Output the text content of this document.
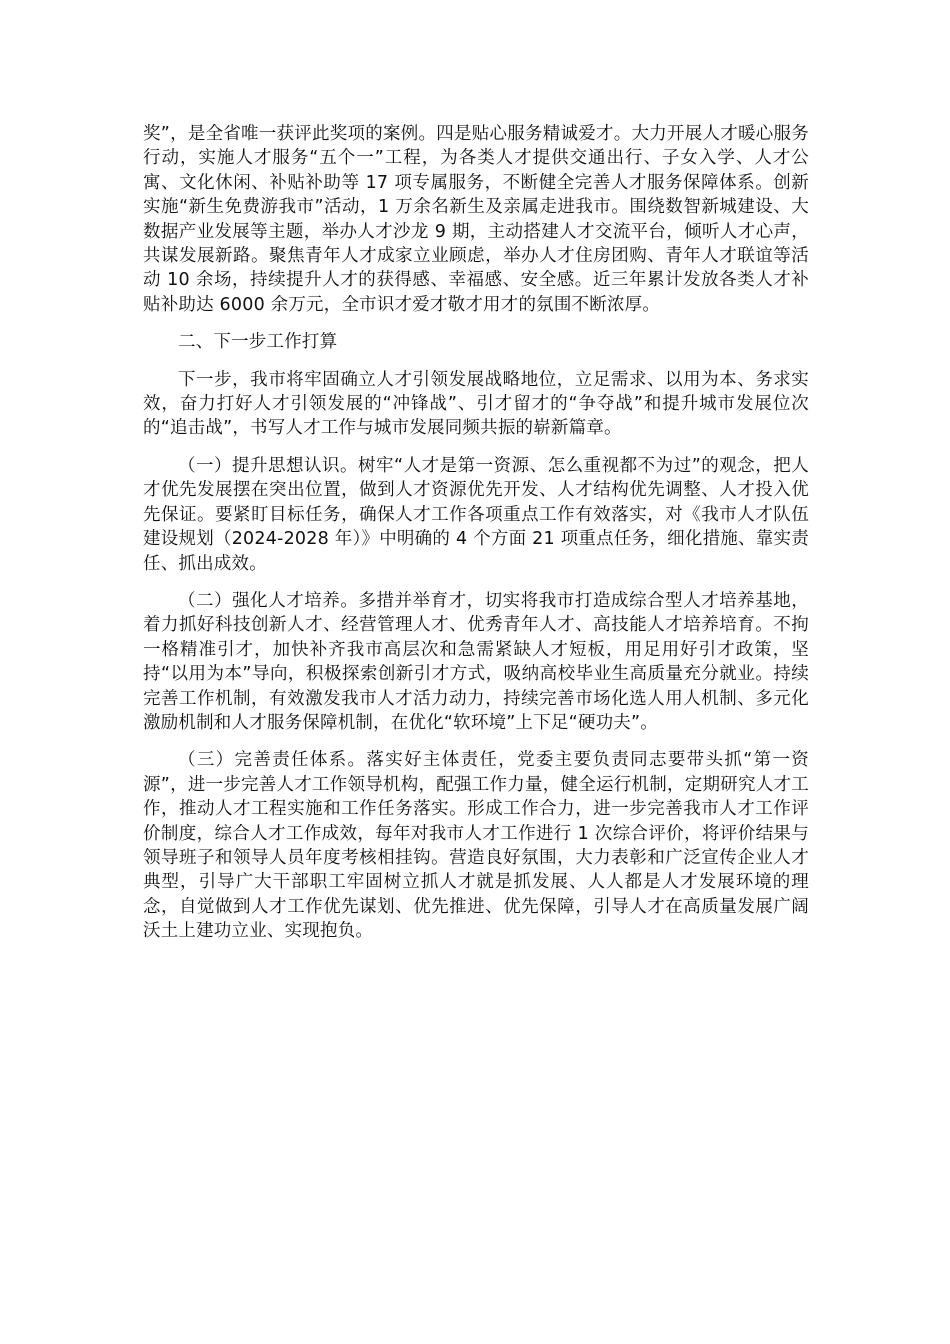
奖”，是全省唯一获评此奖项的案例。四是贴心服务精诚爱才。大力开展人才暖心服务行动，实施人才服务“五个一”工程，为各类人才提供交通出行、子女入学、人才公寓、文化休闲、补贴补助等 17 项专属服务，不断健全完善人才服务保障体系。创新实施“新生免费游我市”活动，1 万余名新生及亲属走进我市。围绕数智新城建设、大数据产业发展等主题，举办人才沙龙 9 期，主动搭建人才交流平台，倾听人才心声，共谋发展新路。聚焦青年人才成家立业顾虑，举办人才住房团购、青年人才联谊等活动 10 余场，持续提升人才的获得感、幸福感、安全感。近三年累计发放各类人才补贴补助达 6000 余万元，全市识才爱才敬才用才的氛围不断浓厚。

二、下一步工作打算

下一步，我市将牢固确立人才引领发展战略地位，立足需求、以用为本、务求实效，奋力打好人才引领发展的“冲锋战”、引才留才的“争夺战”和提升城市发展位次的“追击战”，书写人才工作与城市发展同频共振的崭新篇章。

（一）提升思想认识。树牢“人才是第一资源、怎么重视都不为过”的观念，把人才优先发展摆在突出位置，做到人才资源优先开发、人才结构优先调整、人才投入优先保证。要紧盯目标任务，确保人才工作各项重点工作有效落实，对《我市人才队伍建设规划（2024-2028 年）》中明确的 4 个方面 21 项重点任务，细化措施、靠实责任、抓出成效。

（二）强化人才培养。多措并举育才，切实将我市打造成综合型人才培养基地，着力抓好科技创新人才、经营管理人才、优秀青年人才、高技能人才培养培育。不拘一格精准引才，加快补齐我市高层次和急需紧缺人才短板，用足用好引才政策，坚持“以用为本”导向，积极探索创新引才方式，吸纳高校毕业生高质量充分就业。持续完善工作机制，有效激发我市人才活力动力，持续完善市场化选人用人机制、多元化激励机制和人才服务保障机制，在优化“软环境”上下足“硬功夫”。

（三）完善责任体系。落实好主体责任，党委主要负责同志要带头抓“第一资源”，进一步完善人才工作领导机构，配强工作力量，健全运行机制，定期研究人才工作，推动人才工程实施和工作任务落实。形成工作合力，进一步完善我市人才工作评价制度，综合人才工作成效，每年对我市人才工作进行 1 次综合评价，将评价结果与领导班子和领导人员年度考核相挂钩。营造良好氛围，大力表彰和广泛宣传企业人才典型，引导广大干部职工牢固树立抓人才就是抓发展、人人都是人才发展环境的理念，自觉做到人才工作优先谋划、优先推进、优先保障，引导人才在高质量发展广阔沃土上建功立业、实现抱负。
